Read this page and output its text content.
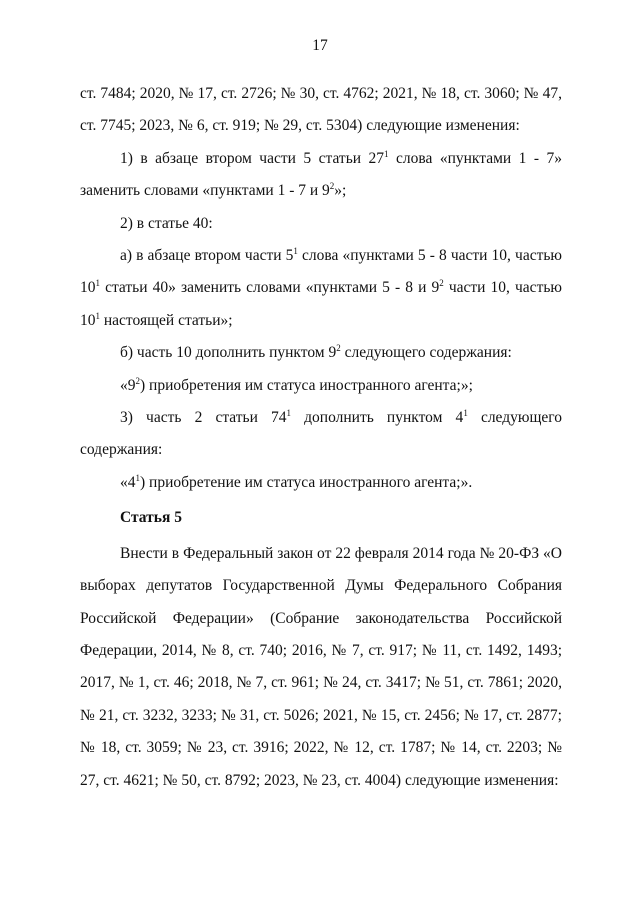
17

ст. 7484; 2020, № 17, ст. 2726; № 30, ст. 4762; 2021, № 18, ст. 3060; № 47, ст. 7745; 2023, № 6, ст. 919; № 29, ст. 5304) следующие изменения:

1) в абзаце втором части 5 статьи $27^1$ слова «пунктами 1 - 7» заменить словами «пунктами 1 - 7 и $9^2$»;

2) в статье 40:

а) в абзаце втором части $5^1$ слова «пунктами 5 - 8 части 10, частью $10^1$ статьи 40» заменить словами «пунктами 5 - 8 и $9^2$ части 10, частью $10^1$ настоящей статьи»;

б) часть 10 дополнить пунктом $9^2$ следующего содержания:

«$9^2$) приобретения им статуса иностранного агента;»;

3) часть 2 статьи $74^1$ дополнить пунктом $4^1$ следующего содержания:

«$4^1$) приобретение им статуса иностранного агента;».

Статья 5

Внести в Федеральный закон от 22 февраля 2014 года № 20-ФЗ «О выборах депутатов Государственной Думы Федерального Собрания Российской Федерации» (Собрание законодательства Российской Федерации, 2014, № 8, ст. 740; 2016, № 7, ст. 917; № 11, ст. 1492, 1493; 2017, № 1, ст. 46; 2018, № 7, ст. 961; № 24, ст. 3417; № 51, ст. 7861; 2020, № 21, ст. 3232, 3233; № 31, ст. 5026; 2021, № 15, ст. 2456; № 17, ст. 2877; № 18, ст. 3059; № 23, ст. 3916; 2022, № 12, ст. 1787; № 14, ст. 2203; № 27, ст. 4621; № 50, ст. 8792; 2023, № 23, ст. 4004) следующие изменения:
